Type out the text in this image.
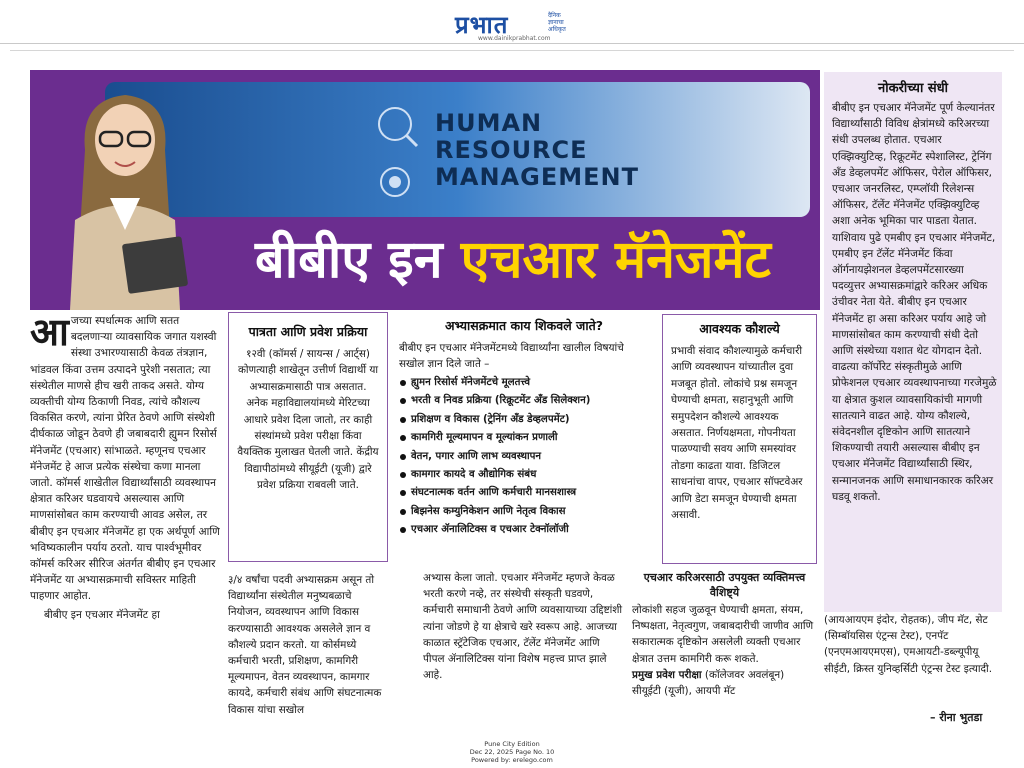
प्रभात	दैनिक ज्ञानाचा अधिकृत
www.dainikprabhat.com
HUMAN
RESOURCE
MANAGEMENT
बीबीए इन एचआर मॅनेजमेंट
नोकरीच्या संधी
बीबीए इन एचआर मॅनेजमेंट पूर्ण केल्यानंतर विद्यार्थ्यांसाठी विविध क्षेत्रांमध्ये करिअरच्या संधी उपलब्ध होतात. एचआर एक्झिक्युटिव्ह, रिक्रूटमेंट स्पेशालिस्ट, ट्रेनिंग अँड डेव्हलपमेंट ऑफिसर, पेरोल ऑफिसर, एचआर जनरलिस्ट, एम्प्लॉयी रिलेशन्स ऑफिसर, टॅलेंट मॅनेजमेंट एक्झिक्युटिव्ह अशा अनेक भूमिका पार पाडता येतात. याशिवाय पुढे एमबीए इन एचआर मॅनेजमेंट, एमबीए इन टॅलेंट मॅनेजमेंट किंवा ऑर्गनायझेशनल डेव्हलपमेंटसारख्या पदव्युत्तर अभ्यासक्रमांद्वारे करिअर अधिक उंचीवर नेता येते. बीबीए इन एचआर मॅनेजमेंट हा असा करिअर पर्याय आहे जो माणसांसोबत काम करण्याची संधी देतो आणि संस्थेच्या यशात थेट योगदान देतो. वाढत्या कॉर्पोरेट संस्कृतीमुळे आणि प्रोफेशनल एचआर व्यवस्थापनाच्या गरजेमुळे या क्षेत्रात कुशल व्यावसायिकांची मागणी सातत्याने वाढत आहे. योग्य कौशल्ये, संवेदनशील दृष्टिकोन आणि सातत्याने शिकण्याची तयारी असल्यास बीबीए इन एचआर मॅनेजमेंट विद्यार्थ्यांसाठी स्थिर, सन्मानजनक आणि समाधानकारक करिअर घडवू शकतो.

आजच्या स्पर्धात्मक आणि सतत बदलणाऱ्या व्यावसायिक जगात यशस्वी संस्था उभारण्यासाठी केवळ तंत्रज्ञान, भांडवल किंवा उत्तम उत्पादने पुरेशी नसतात; त्या संस्थेतील माणसे हीच खरी ताकद असते. योग्य व्यक्तीची योग्य ठिकाणी निवड, त्यांचे कौशल्य विकसित करणे, त्यांना प्रेरित ठेवणे आणि संस्थेशी दीर्घकाळ जोडून ठेवणे ही जबाबदारी ह्युमन रिसोर्स मॅनेजमेंट (एचआर) सांभाळते. म्हणूनच एचआर मॅनेजमेंट हे आज प्रत्येक संस्थेचा कणा मानला जातो. कॉमर्स शाखेतील विद्यार्थ्यांसाठी व्यवस्थापन क्षेत्रात करिअर घडवायचे असल्यास आणि माणसांसोबत काम करण्याची आवड असेल, तर बीबीए इन एचआर मॅनेजमेंट हा एक अर्थपूर्ण आणि भविष्यकालीन पर्याय ठरतो. याच पार्श्वभूमीवर कॉमर्स करिअर सीरिज अंतर्गत बीबीए इन एचआर मॅनेजमेंट या अभ्यासक्रमाची सविस्तर माहिती पाहणार आहोत.

बीबीए इन एचआर मॅनेजमेंट हा

पात्रता आणि प्रवेश प्रक्रिया
१२वी (कॉमर्स / सायन्स / आर्ट्स) कोणत्याही शाखेतून उत्तीर्ण विद्यार्थी या अभ्यासक्रमासाठी पात्र असतात. अनेक महाविद्यालयांमध्ये मेरिटच्या आधारे प्रवेश दिला जातो, तर काही संस्थांमध्ये प्रवेश परीक्षा किंवा वैयक्तिक मुलाखत घेतली जाते. केंद्रीय विद्यापीठांमध्ये सीयूईटी (यूजी) द्वारे प्रवेश प्रक्रिया राबवली जाते.
अभ्यासक्रमात काय शिकवले जाते?
बीबीए इन एचआर मॅनेजमेंटमध्ये विद्यार्थ्यांना खालील विषयांचे सखोल ज्ञान दिले जाते –
ह्युमन रिसोर्स मॅनेजमेंटचे मूलतत्त्वे
भरती व निवड प्रक्रिया (रिक्रूटमेंट अँड सिलेक्शन)
प्रशिक्षण व विकास (ट्रेनिंग अँड डेव्हलपमेंट)
कामगिरी मूल्यमापन व मूल्यांकन प्रणाली
वेतन, पगार आणि लाभ व्यवस्थापन
कामगार कायदे व औद्योगिक संबंध
संघटनात्मक वर्तन आणि कर्मचारी मानसशास्त्र
बिझनेस कम्युनिकेशन आणि नेतृत्व विकास
एचआर ॲनालिटिक्स व एचआर टेक्नॉलॉजी
आवश्यक कौशल्ये
प्रभावी संवाद कौशल्यामुळे कर्मचारी आणि व्यवस्थापन यांच्यातील दुवा मजबूत होतो. लोकांचे प्रश्न समजून घेण्याची क्षमता, सहानुभूती आणि समुपदेशन कौशल्ये आवश्यक असतात. निर्णयक्षमता, गोपनीयता पाळण्याची सवय आणि समस्यांवर तोडगा काढता यावा. डिजिटल साधनांचा वापर, एचआर सॉफ्टवेअर आणि डेटा समजून घेण्याची क्षमता असावी.
३/४ वर्षांचा पदवी अभ्यासक्रम असून तो विद्यार्थ्यांना संस्थेतील मनुष्यबळाचे नियोजन, व्यवस्थापन आणि विकास करण्यासाठी आवश्यक असलेले ज्ञान व कौशल्ये प्रदान करतो. या कोर्समध्ये कर्मचारी भरती, प्रशिक्षण, कामगिरी मूल्यमापन, वेतन व्यवस्थापन, कामगार कायदे, कर्मचारी संबंध आणि संघटनात्मक विकास यांचा सखोल
अभ्यास केला जातो. एचआर मॅनेजमेंट म्हणजे केवळ भरती करणे नव्हे, तर संस्थेची संस्कृती घडवणे, कर्मचारी समाधानी ठेवणे आणि व्यवसायाच्या उद्दिष्टांशी त्यांना जोडणे हे या क्षेत्राचे खरे स्वरूप आहे. आजच्या काळात स्ट्रॅटेजिक एचआर, टॅलेंट मॅनेजमेंट आणि पीपल ॲनालिटिक्स यांना विशेष महत्त्व प्राप्त झाले आहे.
एचआर करिअरसाठी उपयुक्त व्यक्तिमत्त्व वैशिष्ट्ये
लोकांशी सहज जुळवून घेण्याची क्षमता, संयम, निष्पक्षता, नेतृत्वगुण, जबाबदारीची जाणीव आणि सकारात्मक दृष्टिकोन असलेली व्यक्ती एचआर क्षेत्रात उत्तम कामगिरी करू शकते.
प्रमुख प्रवेश परीक्षा (कॉलेजवर अवलंबून)
सीयूईटी (यूजी), आयपी मॅट
(आयआयएम इंदोर, रोहतक), जीप मॅट, सेट (सिम्बॉयसिस एंट्रन्स टेस्ट), एनपॅट (एनएमआयएमएस), एमआयटी-डब्ल्यूपीयू सीईटी, क्रिस्त युनिव्हर्सिटी एंट्रन्स टेस्ट इत्यादी.
– रीना भुतडा
Pune City Edition
Dec 22, 2025 Page No. 10
Powered by: erelego.com
